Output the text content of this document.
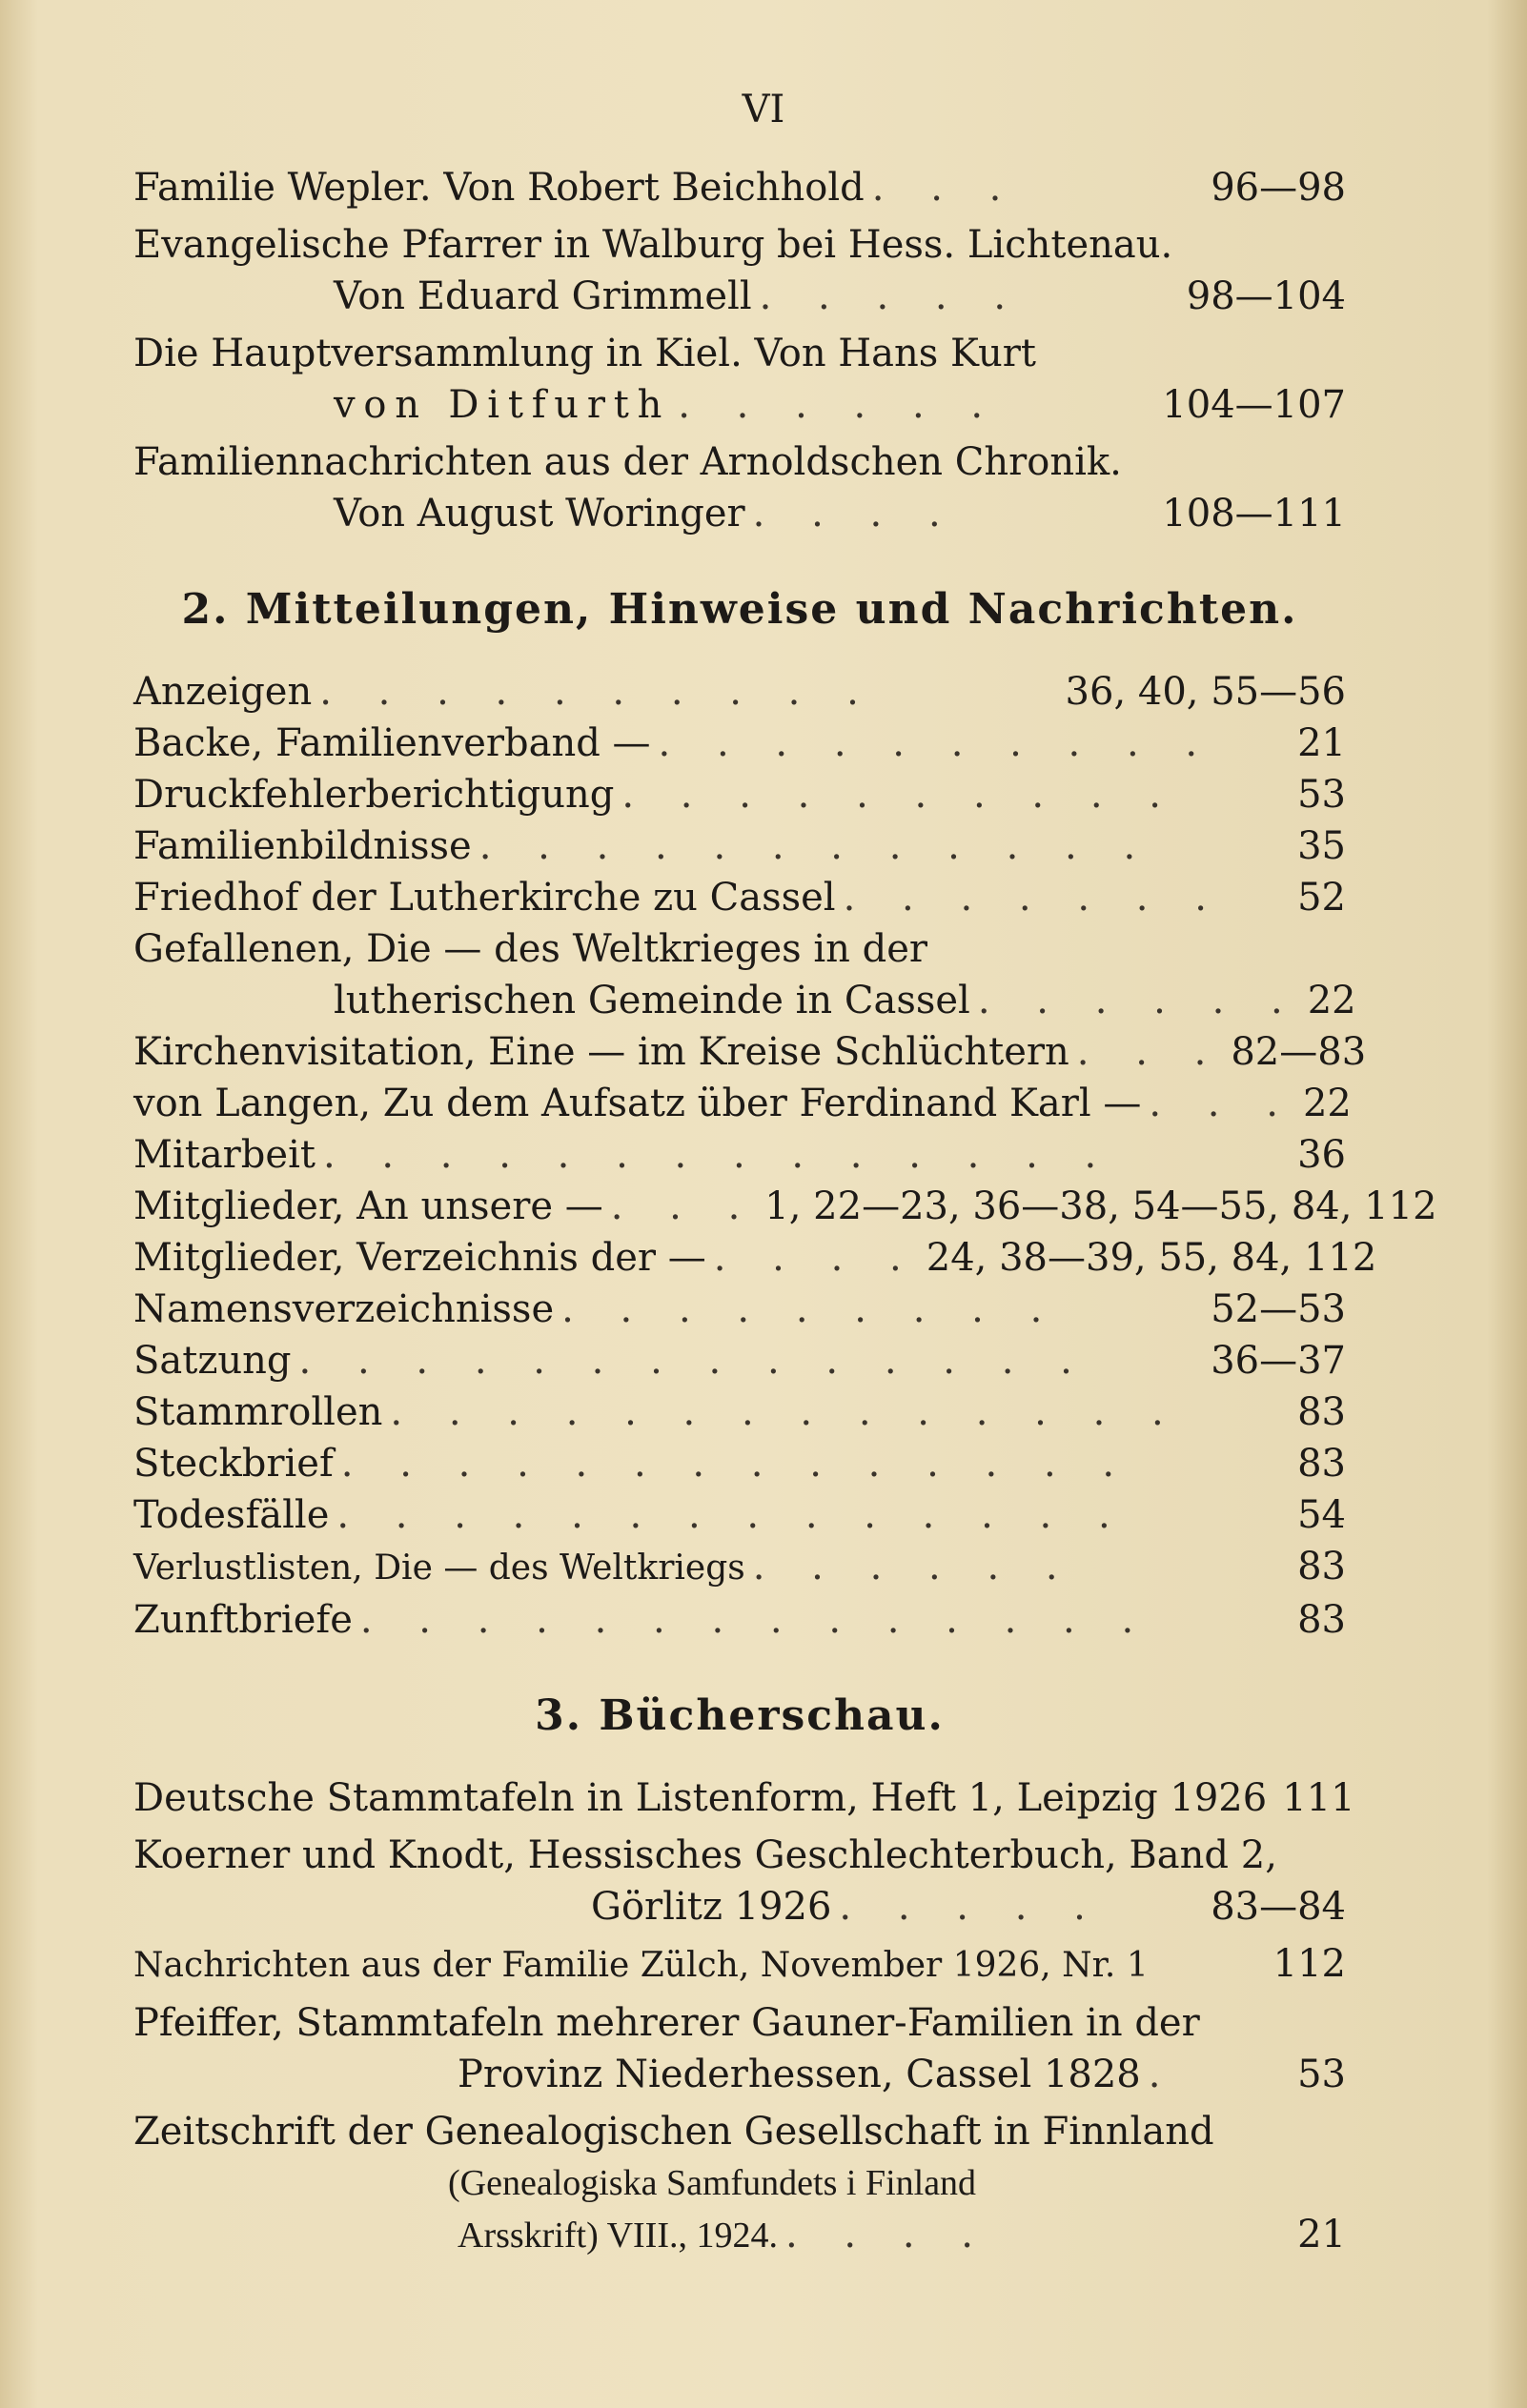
VI
Familie Wepler. Von Robert Beichhold . . .	96—98
Evangelische Pfarrer in Walburg bei Hess. Lichtenau.
Von Eduard Grimmell . . . . .	98—104
Die Hauptversammlung in Kiel. Von Hans Kurt
von Ditfurth . . . . . .	104—107
Familiennachrichten aus der Arnoldschen Chronik.
Von August Woringer . . . .	108—111
2. Mitteilungen, Hinweise und Nachrichten.
Anzeigen . . . . . . . . . .	36, 40, 55—56
Backe, Familienverband — . . . . . . . . . .	21
Druckfehlerberichtigung . . . . . . . . . .	53
Familienbildnisse . . . . . . . . . . . .	35
Friedhof der Lutherkirche zu Cassel . . . . . . .	52
Gefallenen, Die — des Weltkrieges in der
lutherischen Gemeinde in Cassel . . . . . . 22
Kirchenvisitation, Eine — im Kreise Schlüchtern . . . 82—83
von Langen, Zu dem Aufsatz über Ferdinand Karl — . . . 22
Mitarbeit . . . . . . . . . . . . . .	36
Mitglieder, An unsere — . . . 1, 22—23, 36—38, 54—55, 84, 112
Mitglieder, Verzeichnis der — . . . . 24, 38—39, 55, 84, 112
Namensverzeichnisse . . . . . . . . .	52—53
Satzung . . . . . . . . . . . . . .	36—37
Stammrollen . . . . . . . . . . . . . .	83
Steckbrief . . . . . . . . . . . . . .	83
Todesfälle . . . . . . . . . . . . . .	54
Verlustlisten, Die — des Weltkriegs . . . . . .	83
Zunftbriefe . . . . . . . . . . . . . .	83
3. Bücherschau.
Deutsche Stammtafeln in Listenform, Heft 1, Leipzig 1926 111
Koerner und Knodt, Hessisches Geschlechterbuch, Band 2,
Görlitz 1926 . . . . .	83—84
Nachrichten aus der Familie Zülch, November 1926, Nr. 1	112
Pfeiffer, Stammtafeln mehrerer Gauner-Familien in der
Provinz Niederhessen, Cassel 1828 .	53
Zeitschrift der Genealogischen Gesellschaft in Finnland
(Genealogiska Samfundets i Finland
Arsskrift) VIII., 1924. . . . .	21
